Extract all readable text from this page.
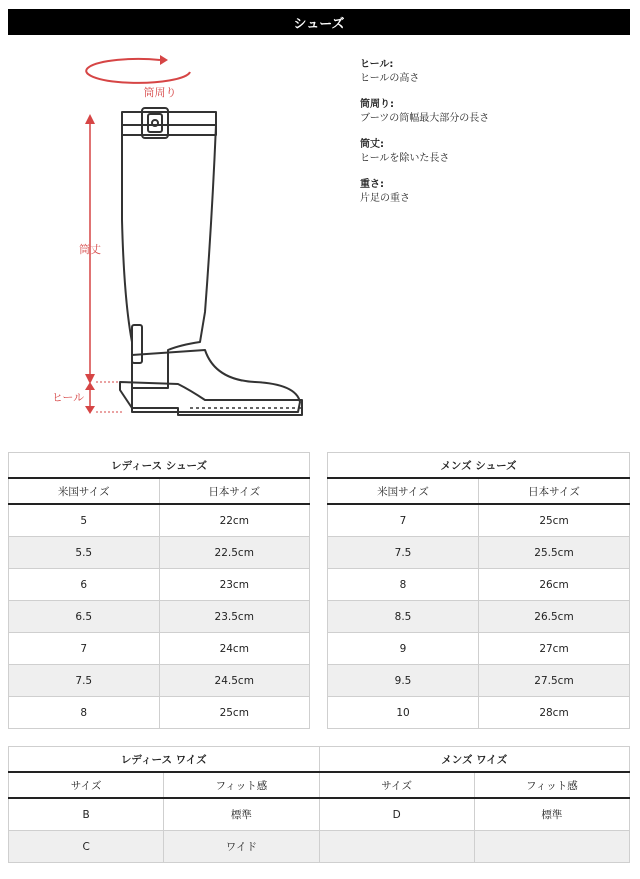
シューズ
筒周り
筒丈
ヒール

ヒール:

ヒールの高さ

筒周り:

ブーツの筒幅最大部分の長さ

筒丈:

ヒールを除いた長さ

重さ:

片足の重さ

レディース シューズ	
米国サイズ	日本サイズ
5	22cm
5.5	22.5cm
6	23cm
6.5	23.5cm
7	24cm
7.5	24.5cm
8	25cm
メンズ シューズ	
米国サイズ	日本サイズ
7	25cm
7.5	25.5cm
8	26cm
8.5	26.5cm
9	27cm
9.5	27.5cm
10	28cm
レディース ワイズ		メンズ ワイズ	
サイズ	フィット感	サイズ	フィット感
B	標準	D	標準
C	ワイド		
